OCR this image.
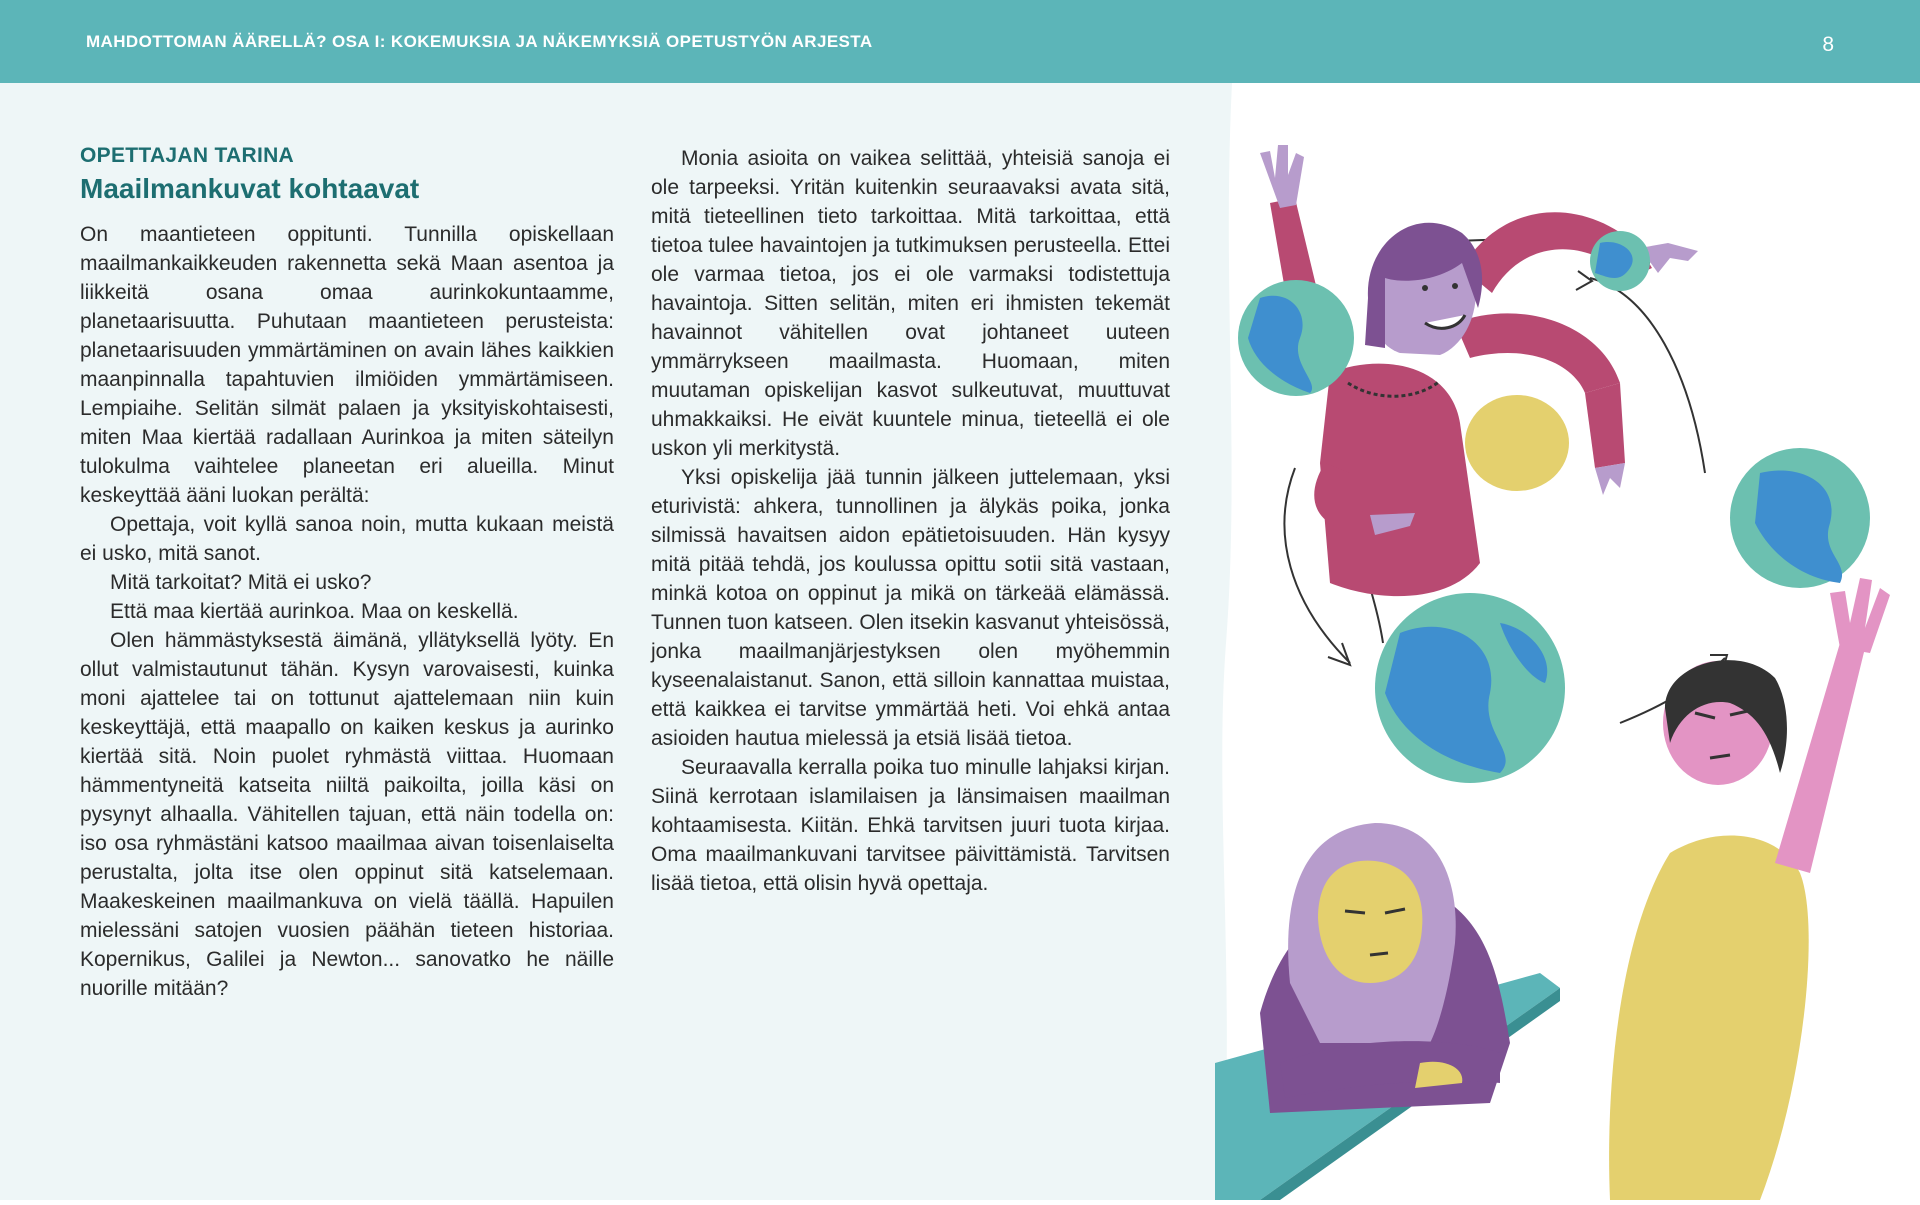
MAHDOTTOMAN ÄÄRELLÄ? OSA I: KOKEMUKSIA JA NÄKEMYKSIÄ OPETUSTYÖN ARJESTA	8
OPETTAJAN TARINA
Maailmankuvat kohtaavat

On maantieteen oppitunti. Tunnilla opiskellaan maailmankaikkeuden rakennetta sekä Maan asentoa ja liikkeitä osana omaa aurinkokuntaamme, planetaarisuutta. Puhutaan maantieteen perusteista: planetaarisuuden ymmärtäminen on avain lähes kaikkien maanpinnalla tapahtuvien ilmiöiden ymmärtämiseen. Lempiaihe. Selitän silmät palaen ja yksityiskohtaisesti, miten Maa kiertää radallaan Aurinkoa ja miten säteilyn tulokulma vaihtelee planeetan eri alueilla. Minut keskeyttää ääni luokan perältä:

Opettaja, voit kyllä sanoa noin, mutta kukaan meistä ei usko, mitä sanot.

Mitä tarkoitat? Mitä ei usko?

Että maa kiertää aurinkoa. Maa on keskellä.

Olen hämmästyksestä äimänä, yllätyksellä lyöty. En ollut valmistautunut tähän. Kysyn varovaisesti, kuinka moni ajattelee tai on tottunut ajattelemaan niin kuin keskeyttäjä, että maapallo on kaiken keskus ja aurinko kiertää sitä. Noin puolet ryhmästä viittaa. Huomaan hämmentyneitä katseita niiltä paikoilta, joilla käsi on pysynyt alhaalla. Vähitellen tajuan, että näin todella on: iso osa ryhmästäni katsoo maailmaa aivan toisenlaiselta perustalta, jolta itse olen oppinut sitä katselemaan. Maakeskeinen maailmankuva on vielä täällä. Hapuilen mielessäni satojen vuosien päähän tieteen historiaa. Kopernikus, Galilei ja Newton... sanovatko he näille nuorille mitään?

Monia asioita on vaikea selittää, yhteisiä sanoja ei ole tarpeeksi. Yritän kuitenkin seuraavaksi avata sitä, mitä tieteellinen tieto tarkoittaa. Mitä tarkoittaa, että tietoa tulee havaintojen ja tutkimuksen perusteella. Ettei ole varmaa tietoa, jos ei ole varmaksi todistettuja havaintoja. Sitten selitän, miten eri ihmisten tekemät havainnot vähitellen ovat johtaneet uuteen ymmärrykseen maailmasta. Huomaan, miten muutaman opiskelijan kasvot sulkeutuvat, muuttuvat uhmakkaiksi. He eivät kuuntele minua, tieteellä ei ole uskon yli merkitystä.

Yksi opiskelija jää tunnin jälkeen juttelemaan, yksi eturivistä: ahkera, tunnollinen ja älykäs poika, jonka silmissä havaitsen aidon epätietoisuuden. Hän kysyy mitä pitää tehdä, jos koulussa opittu sotii sitä vastaan, minkä kotoa on oppinut ja mikä on tärkeää elämässä. Tunnen tuon katseen. Olen itsekin kasvanut yhteisössä, jonka maailmanjärjestyksen olen myöhemmin kyseenalaistanut. Sanon, että silloin kannattaa muistaa, että kaikkea ei tarvitse ymmärtää heti. Voi ehkä antaa asioiden hautua mielessä ja etsiä lisää tietoa.

Seuraavalla kerralla poika tuo minulle lahjaksi kirjan. Siinä kerrotaan islamilaisen ja länsimaisen maailman kohtaamisesta. Kiitän. Ehkä tarvitsen juuri tuota kirjaa. Oma maailmankuvani tarvitsee päivittämistä. Tarvitsen lisää tietoa, että olisin hyvä opettaja.
